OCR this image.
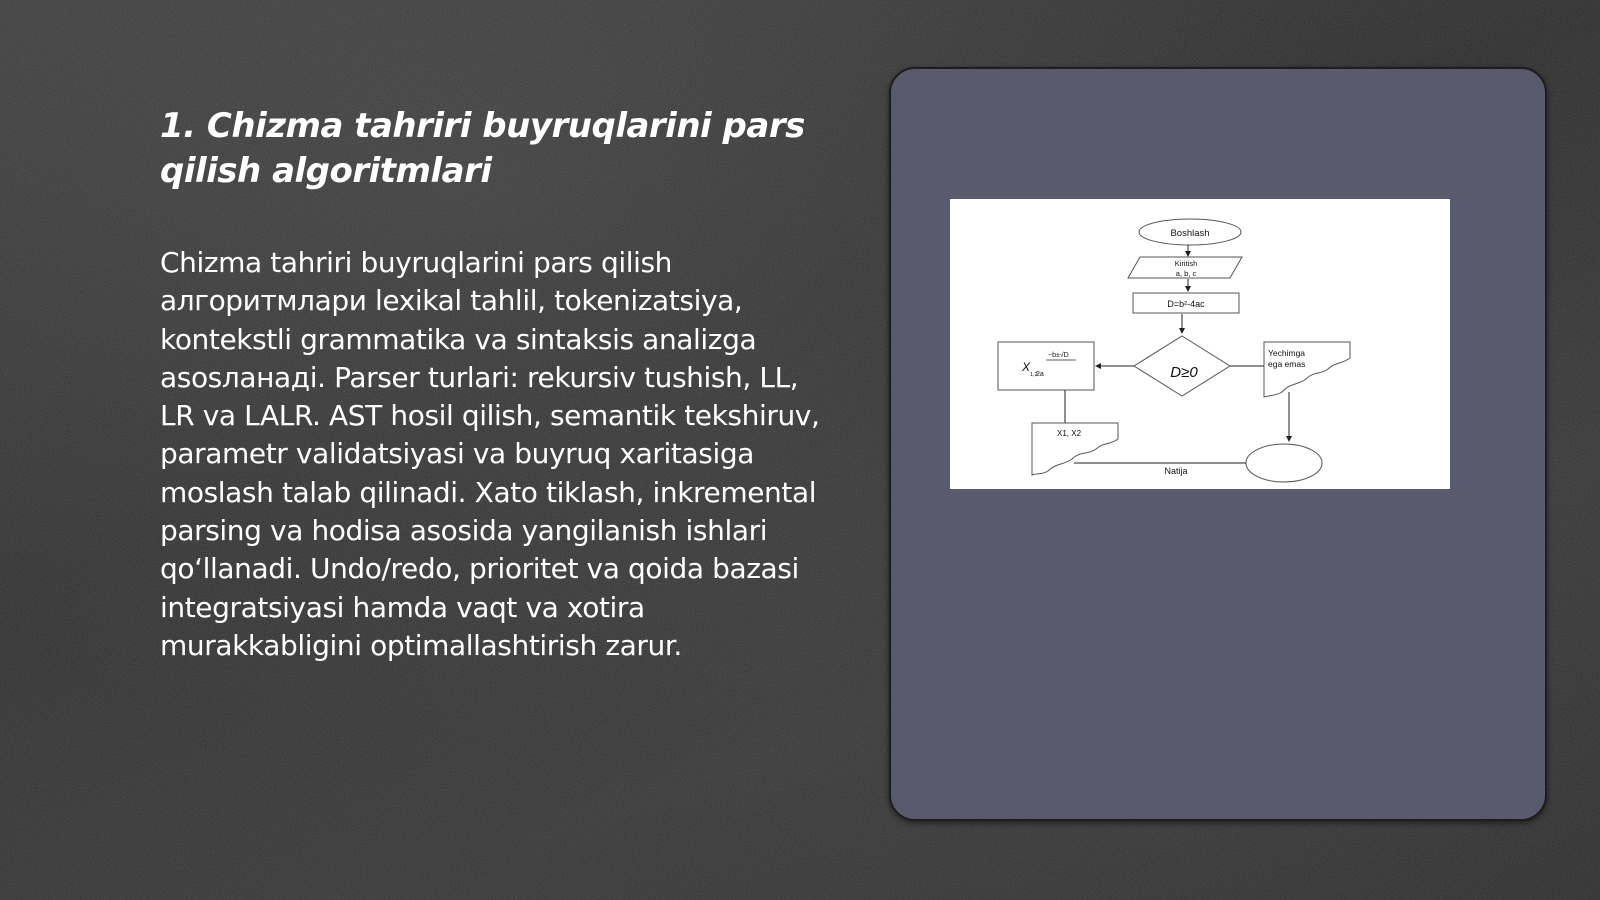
1. Chizma tahriri buyruqlarini pars qilish algoritmlari

Chizma tahriri buyruqlarini pars qilish алгоритмлари lexikal tahlil, tokenizatsiya, kontekstli grammatika va sintaksis analizga asosланадi. Parser turlari: rekursiv tushish, LL, LR va LALR. AST hosil qilish, semantik tekshiruv, parametr validatsiyasi va buyruq xaritasiga moslash talab qilinadi. Xato tiklash, inkremental parsing va hodisa asosida yangilanish ishlari qo‘llanadi. Undo/redo, prioritet va qoida bazasi integratsiyasi hamda vaqt va xotira murakkabligini optimallashtirish zarur.

Boshlash
Kiritish
a, b, c
D=b²-4ac
D≥0
X
1,2
−b±√D
2a
Yechimga
ega emas
X1, X2
Natija
